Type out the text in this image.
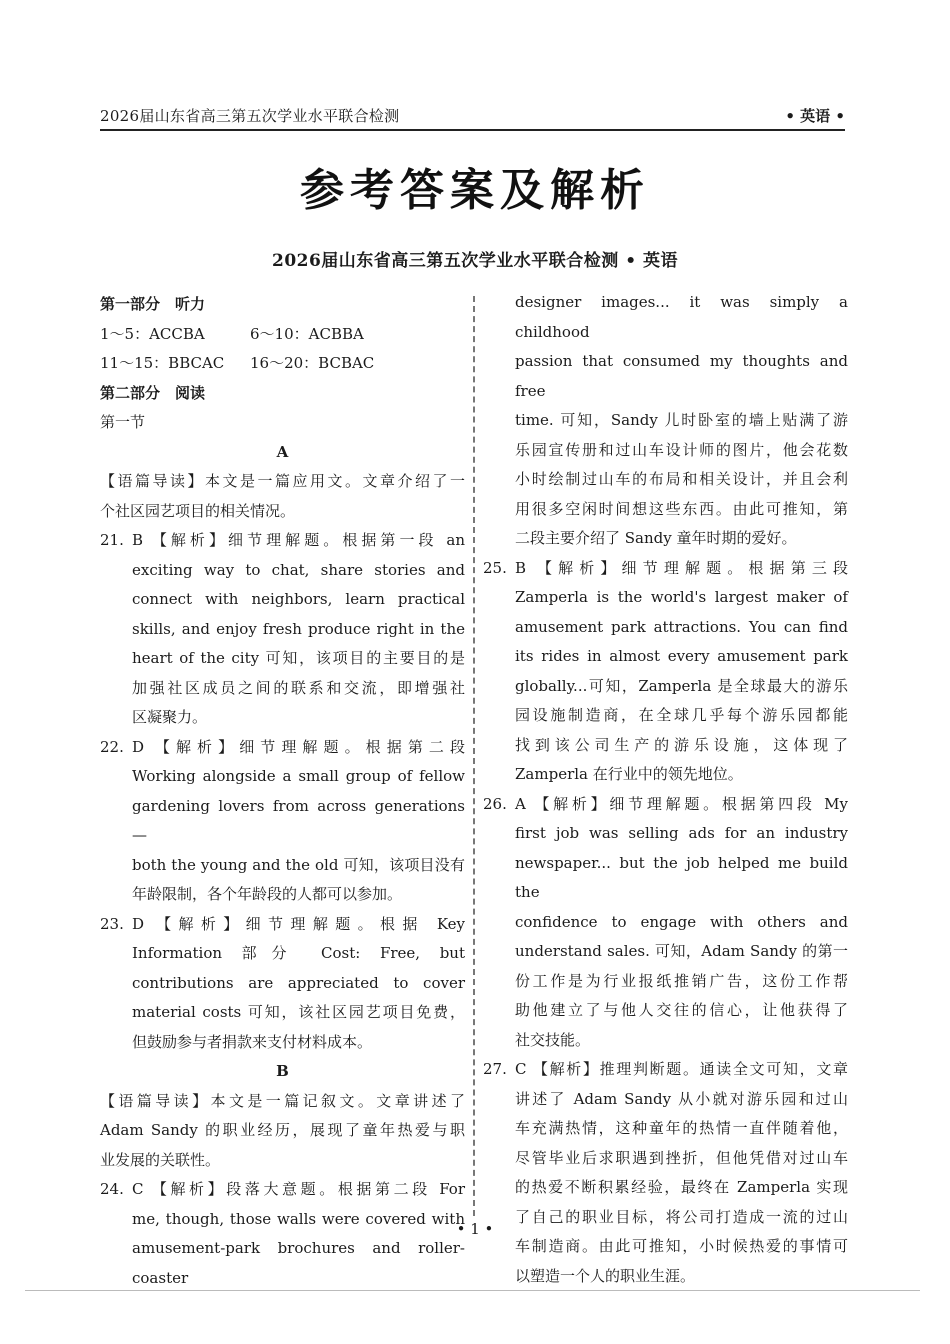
2026届山东省高三第五次学业水平联合检测	• 英语 •
参考答案及解析
2026届山东省高三第五次学业水平联合检测 • 英语
第一部分　听力
1～5：ACCBA	6～10：ACBBA
11～15：BBCAC	16～20：BCBAC
第二部分　阅读
第一节
A
【语篇导读】本文是一篇应用文。文章介绍了一
个社区园艺项目的相关情况。
21. B 【解析】细节理解题。根据第一段 an
exciting way to chat, share stories and
connect with neighbors, learn practical
skills, and enjoy fresh produce right in the
heart of the city 可知，该项目的主要目的是
加强社区成员之间的联系和交流，即增强社
区凝聚力。
22. D 【解析】细节理解题。根据第二段
Working alongside a small group of fellow
gardening lovers from across generations—
both the young and the old 可知，该项目没有
年龄限制，各个年龄段的人都可以参加。
23. D 【解析】细节理解题。根据 Key
Information 部分 Cost: Free, but
contributions are appreciated to cover
material costs 可知，该社区园艺项目免费，
但鼓励参与者捐款来支付材料成本。
B
【语篇导读】本文是一篇记叙文。文章讲述了
Adam Sandy 的职业经历，展现了童年热爱与职
业发展的关联性。
24. C 【解析】段落大意题。根据第二段 For
me, though, those walls were covered with
amusement-park brochures and roller-coaster
designer images... it was simply a childhood
passion that consumed my thoughts and free
time. 可知，Sandy 儿时卧室的墙上贴满了游
乐园宣传册和过山车设计师的图片，他会花数
小时绘制过山车的布局和相关设计，并且会利
用很多空闲时间想这些东西。由此可推知，第
二段主要介绍了 Sandy 童年时期的爱好。
25. B 【解析】细节理解题。根据第三段
Zamperla is the world's largest maker of
amusement park attractions. You can find
its rides in almost every amusement park
globally...可知，Zamperla 是全球最大的游乐
园设施制造商，在全球几乎每个游乐园都能
找到该公司生产的游乐设施，这体现了
Zamperla 在行业中的领先地位。
26. A 【解析】细节理解题。根据第四段 My
first job was selling ads for an industry
newspaper... but the job helped me build the
confidence to engage with others and
understand sales. 可知，Adam Sandy 的第一
份工作是为行业报纸推销广告，这份工作帮
助他建立了与他人交往的信心，让他获得了
社交技能。
27. C 【解析】推理判断题。通读全文可知，文章
讲述了 Adam Sandy 从小就对游乐园和过山
车充满热情，这种童年的热情一直伴随着他，
尽管毕业后求职遇到挫折，但他凭借对过山车
的热爱不断积累经验，最终在 Zamperla 实现
了自己的职业目标，将公司打造成一流的过山
车制造商。由此可推知，小时候热爱的事情可
以塑造一个人的职业生涯。
• 1 •
